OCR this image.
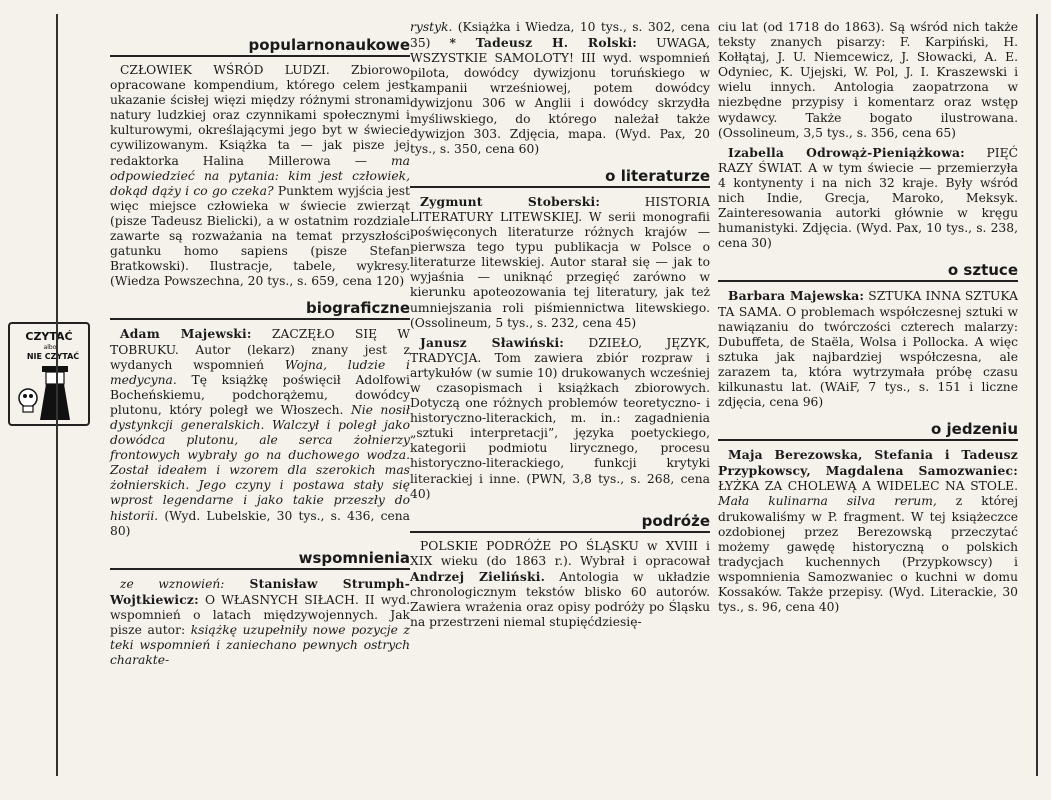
CZYTAĆ
albo
NIE CZYTAĆ
popularnonaukowe

CZŁOWIEK WŚRÓD LUDZI. Zbiorowo opracowane kompendium, którego celem jest ukazanie ścisłej więzi między różnymi stronami natury ludzkiej oraz czynnikami społecznymi i kulturowymi, określającymi jego byt w świecie cywilizowanym. Książka ta — jak pisze jej redaktorka Halina Millerowa — ma odpowiedzieć na pytania: kim jest człowiek, dokąd dąży i co go czeka? Punktem wyjścia jest więc miejsce człowieka w świecie zwierząt (pisze Tadeusz Bielicki), a w ostatnim rozdziale zawarte są rozważania na temat przyszłości gatunku homo sapiens (pisze Stefan Bratkowski). Ilustracje, tabele, wykresy. (Wiedza Powszechna, 20 tys., s. 659, cena 120)

biograficzne

Adam Majewski: ZACZĘŁO SIĘ W TOBRUKU. Autor (lekarz) znany jest z wydanych wspomnień Wojna, ludzie i medycyna. Tę książkę poświęcił Adolfowi Bocheńskiemu, podchorążemu, dowódcy plutonu, który poległ we Włoszech. Nie nosił dystynkcji generalskich. Walczył i poległ jako dowódca plutonu, ale serca żołnierzy frontowych wybrały go na duchowego wodza. Został ideałem i wzorem dla szerokich mas żołnierskich. Jego czyny i postawa stały się wprost legendarne i jako takie przeszły do historii. (Wyd. Lubelskie, 30 tys., s. 436, cena 80)

wspomnienia

ze wznowień: Stanisław Strumph-Wojtkiewicz: O WŁASNYCH SIŁACH. II wyd. wspomnień o latach międzywojennych. Jak pisze autor: książkę uzupełniły nowe pozycje z teki wspomnień i zaniechano pewnych ostrych charakte-

rystyk. (Książka i Wiedza, 10 tys., s. 302, cena 35) * Tadeusz H. Rolski: UWAGA, WSZYSTKIE SAMOLOTY! III wyd. wspomnień pilota, dowódcy dywizjonu toruńskiego w kampanii wrześniowej, potem dowódcy dywizjonu 306 w Anglii i dowódcy skrzydła myśliwskiego, do którego należał także dywizjon 303. Zdjęcia, mapa. (Wyd. Pax, 20 tys., s. 350, cena 60)

o literaturze

Zygmunt Stoberski: HISTORIA LITERATURY LITEWSKIEJ. W serii monografii poświęconych literaturze różnych krajów — pierwsza tego typu publikacja w Polsce o literaturze litewskiej. Autor starał się — jak to wyjaśnia — uniknąć przegięć zarówno w kierunku apoteozowania tej literatury, jak też umniejszania roli piśmiennictwa litewskiego. (Ossolineum, 5 tys., s. 232, cena 45)

Janusz Sławiński: DZIEŁO, JĘZYK, TRADYCJA. Tom zawiera zbiór rozpraw i artykułów (w sumie 10) drukowanych wcześniej w czasopismach i książkach zbiorowych. Dotyczą one różnych problemów teoretyczno- i historyczno-literackich, m. in.: zagadnienia „sztuki interpretacji”, języka poetyckiego, kategorii podmiotu lirycznego, procesu historyczno-literackiego, funkcji krytyki literackiej i inne. (PWN, 3,8 tys., s. 268, cena 40)

podróże

POLSKIE PODRÓŻE PO ŚLĄSKU w XVIII i XIX wieku (do 1863 r.). Wybrał i opracował Andrzej Zieliński. Antologia w układzie chronologicznym tekstów blisko 60 autorów. Zawiera wrażenia oraz opisy podróży po Śląsku na przestrzeni niemal stupięćdziesię-

ciu lat (od 1718 do 1863). Są wśród nich także teksty znanych pisarzy: F. Karpiński, H. Kołłątaj, J. U. Niemcewicz, J. Słowacki, A. E. Odyniec, K. Ujejski, W. Pol, J. I. Kraszewski i wielu innych. Antologia zaopatrzona w niezbędne przypisy i komentarz oraz wstęp wydawcy. Także bogato ilustrowana. (Ossolineum, 3,5 tys., s. 356, cena 65)

Izabella Odrowąż-Pieniążkowa: PIĘĆ RAZY ŚWIAT. A w tym świecie — przemierzyła 4 kontynenty i na nich 32 kraje. Były wśród nich Indie, Grecja, Maroko, Meksyk. Zainteresowania autorki głównie w kręgu humanistyki. Zdjęcia. (Wyd. Pax, 10 tys., s. 238, cena 30)

o sztuce

Barbara Majewska: SZTUKA INNA SZTUKA TA SAMA. O problemach współczesnej sztuki w nawiązaniu do twórczości czterech malarzy: Dubuffeta, de Staëla, Wolsa i Pollocka. A więc sztuka jak najbardziej współczesna, ale zarazem ta, która wytrzymała próbę czasu kilkunastu lat. (WAiF, 7 tys., s. 151 i liczne zdjęcia, cena 96)

o jedzeniu

Maja Berezowska, Stefania i Tadeusz Przypkowscy, Magdalena Samozwaniec: ŁYŻKA ZA CHOLEWĄ A WIDELEC NA STOLE. Mała kulinarna silva rerum, z której drukowaliśmy w P. fragment. W tej książeczce ozdobionej przez Berezowską przeczytać możemy gawędę historyczną o polskich tradycjach kuchennych (Przypkowscy) i wspomnienia Samozwaniec o kuchni w domu Kossaków. Także przepisy. (Wyd. Literackie, 30 tys., s. 96, cena 40)
